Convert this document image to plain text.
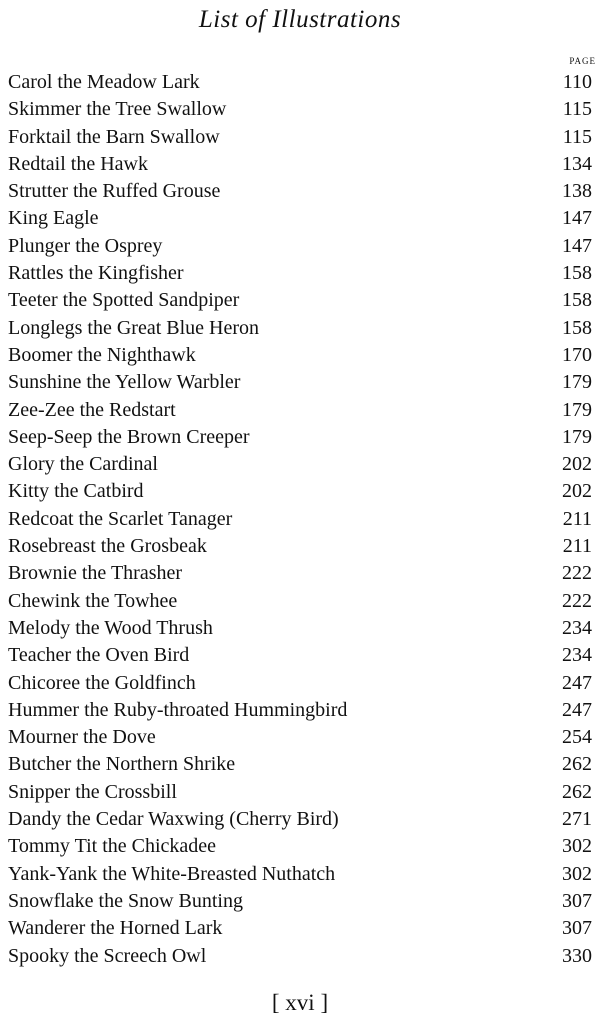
List of Illustrations
PAGE
Carol the Meadow Lark	110
Skimmer the Tree Swallow	115
Forktail the Barn Swallow	115
Redtail the Hawk	134
Strutter the Ruffed Grouse	138
King Eagle	147
Plunger the Osprey	147
Rattles the Kingfisher	158
Teeter the Spotted Sandpiper	158
Longlegs the Great Blue Heron	158
Boomer the Nighthawk	170
Sunshine the Yellow Warbler	179
Zee-Zee the Redstart	179
Seep-Seep the Brown Creeper	179
Glory the Cardinal	202
Kitty the Catbird	202
Redcoat the Scarlet Tanager	211
Rosebreast the Grosbeak	211
Brownie the Thrasher	222
Chewink the Towhee	222
Melody the Wood Thrush	234
Teacher the Oven Bird	234
Chicoree the Goldfinch	247
Hummer the Ruby-throated Hummingbird	247
Mourner the Dove	254
Butcher the Northern Shrike	262
Snipper the Crossbill	262
Dandy the Cedar Waxwing (Cherry Bird)	271
Tommy Tit the Chickadee	302
Yank-Yank the White-Breasted Nuthatch	302
Snowflake the Snow Bunting	307
Wanderer the Horned Lark	307
Spooky the Screech Owl	330
[ xvi ]
